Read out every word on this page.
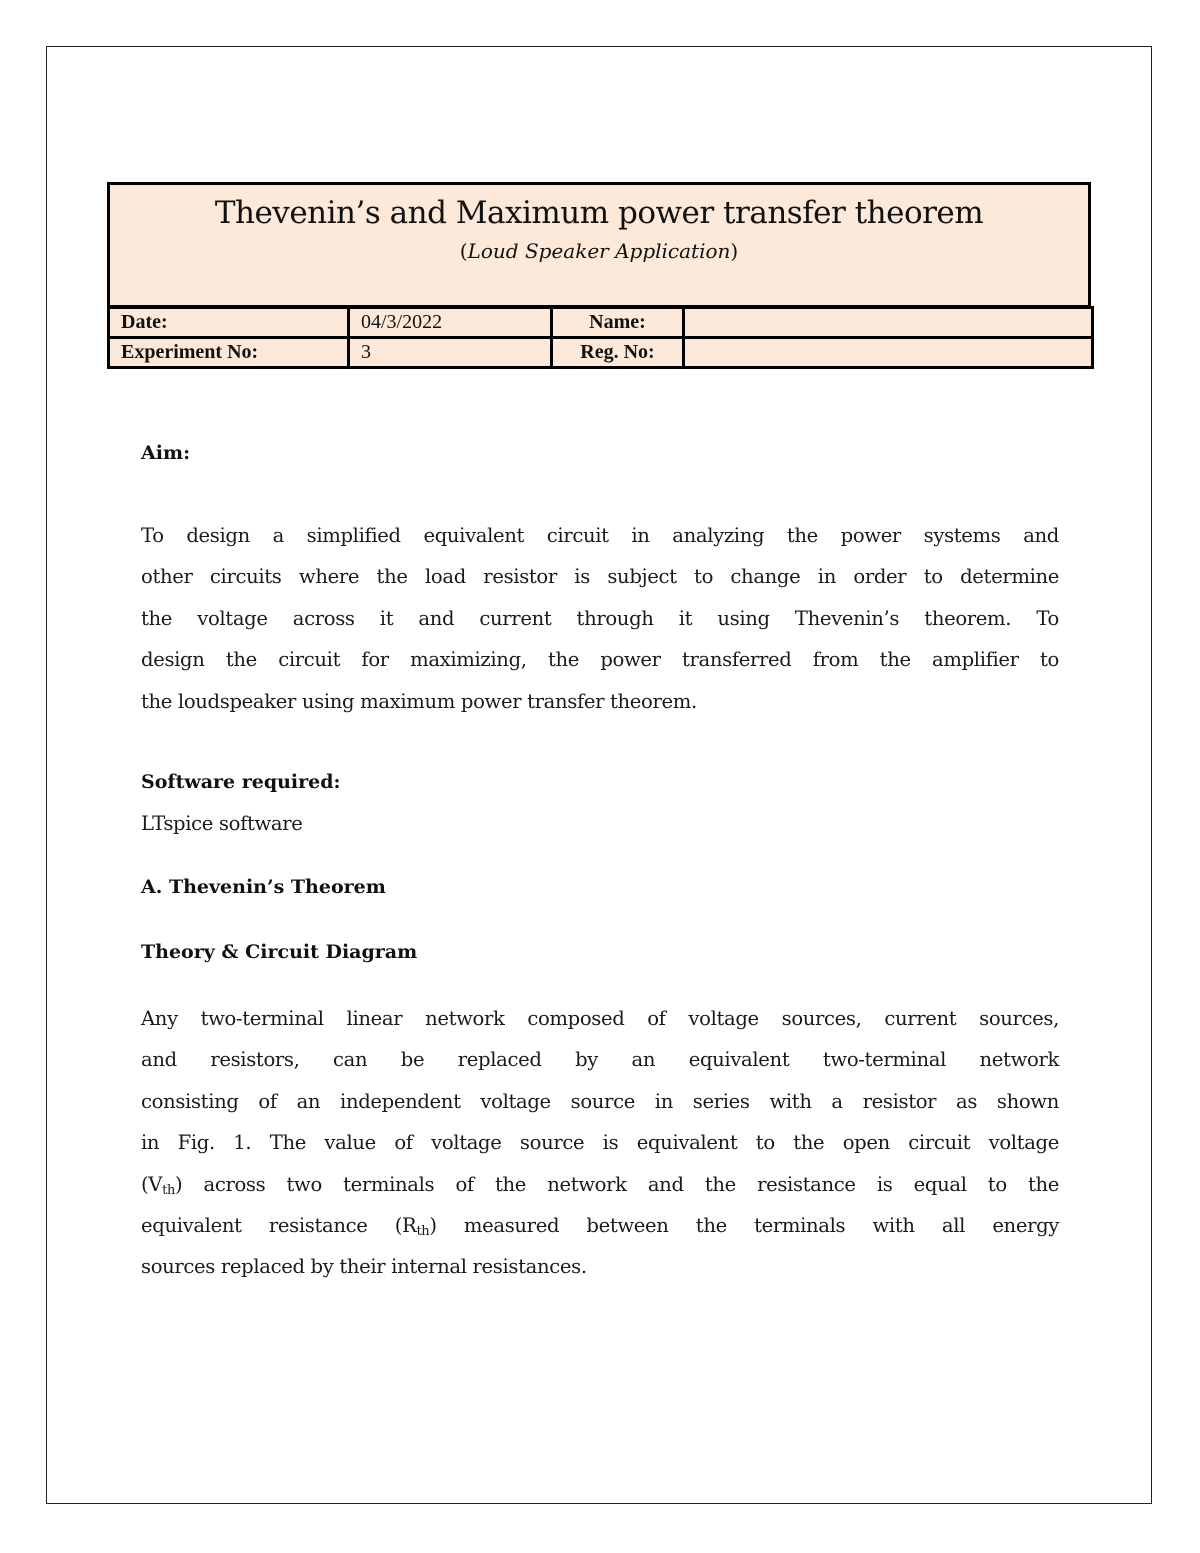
Thevenin’s and Maximum power transfer theorem
(Loud Speaker Application)
Date:	04/3/2022	Name:	
Experiment No:	3	Reg. No:	
Aim:
To design a simplified equivalent circuit in analyzing the power systems and
other circuits where the load resistor is subject to change in order to determine
the voltage across it and current through it using Thevenin’s theorem. To
design the circuit for maximizing, the power transferred from the amplifier to
the loudspeaker using maximum power transfer theorem.
Software required:
LTspice software
A. Thevenin’s Theorem
Theory & Circuit Diagram
Any two-terminal linear network composed of voltage sources, current sources,
and resistors, can be replaced by an equivalent two-terminal network
consisting of an independent voltage source in series with a resistor as shown
in Fig. 1. The value of voltage source is equivalent to the open circuit voltage
$(V_{th})$ across two terminals of the network and the resistance is equal to the
equivalent resistance $(R_{th})$ measured between the terminals with all energy
sources replaced by their internal resistances.
